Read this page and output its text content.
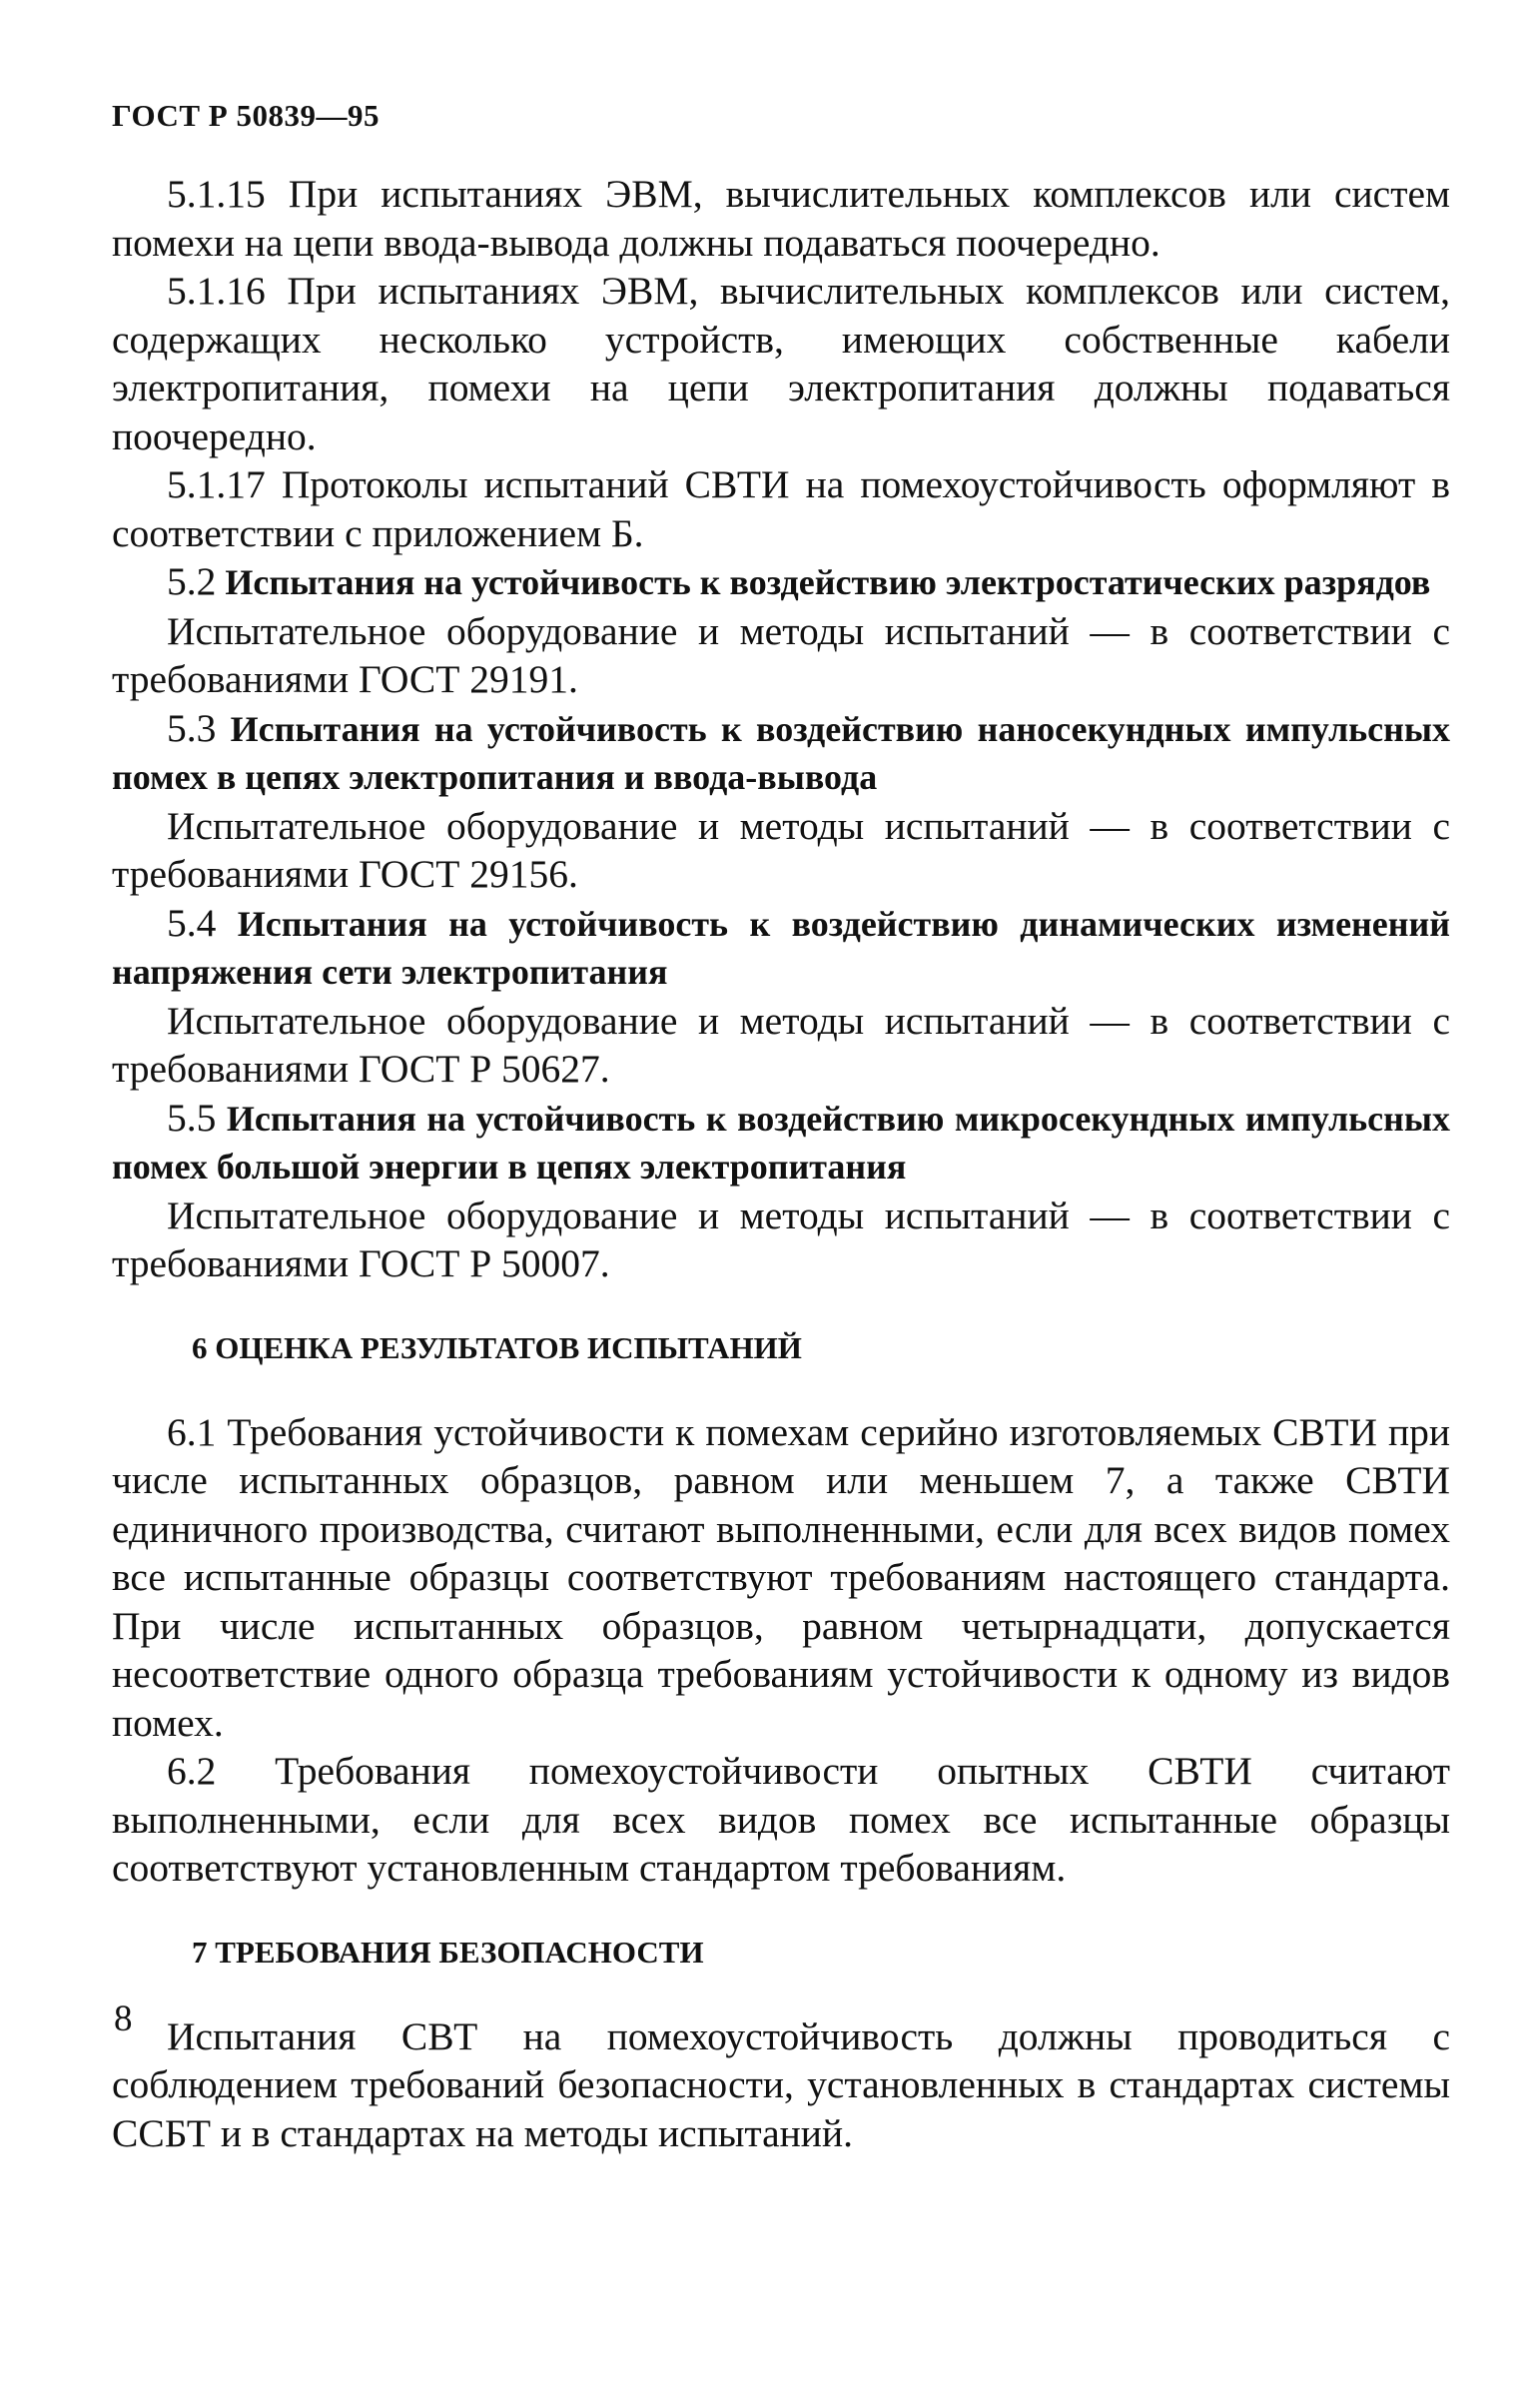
ГОСТ Р 50839—95

5.1.15 При испытаниях ЭВМ, вычислительных комплексов или систем помехи на цепи ввода-вывода должны подаваться поочередно.

5.1.16 При испытаниях ЭВМ, вычислительных комплексов или систем, содержащих несколько устройств, имеющих собственные кабели электропитания, помехи на цепи электропитания должны подаваться поочередно.

5.1.17 Протоколы испытаний СВТИ на помехоустойчивость оформляют в соответствии с приложением Б.

5.2 Испытания на устойчивость к воздействию электростатических разрядов

Испытательное оборудование и методы испытаний — в соответствии с требованиями ГОСТ 29191.

5.3 Испытания на устойчивость к воздействию наносекундных импульсных помех в цепях электропитания и ввода-вывода

Испытательное оборудование и методы испытаний — в соответствии с требованиями ГОСТ 29156.

5.4 Испытания на устойчивость к воздействию динамических изменений напряжения сети электропитания

Испытательное оборудование и методы испытаний — в соответствии с требованиями ГОСТ Р 50627.

5.5 Испытания на устойчивость к воздействию микросекундных импульсных помех большой энергии в цепях электропитания

Испытательное оборудование и методы испытаний — в соответствии с требованиями ГОСТ Р 50007.

6 ОЦЕНКА РЕЗУЛЬТАТОВ ИСПЫТАНИЙ

6.1 Требования устойчивости к помехам серийно изготовляемых СВТИ при числе испытанных образцов, равном или меньшем 7, а также СВТИ единичного производства, считают выполненными, если для всех видов помех все испытанные образцы соответствуют требованиям настоящего стандарта. При числе испытанных образцов, равном четырнадцати, допускается несоответствие одного образца требованиям устойчивости к одному из видов помех.

6.2 Требования помехоустойчивости опытных СВТИ считают выполненными, если для всех видов помех все испытанные образцы соответствуют установленным стандартом требованиям.

7 ТРЕБОВАНИЯ БЕЗОПАСНОСТИ

Испытания СВТ на помехоустойчивость должны проводиться с соблюдением требований безопасности, установленных в стандартах системы ССБТ и в стандартах на методы испытаний.

8
